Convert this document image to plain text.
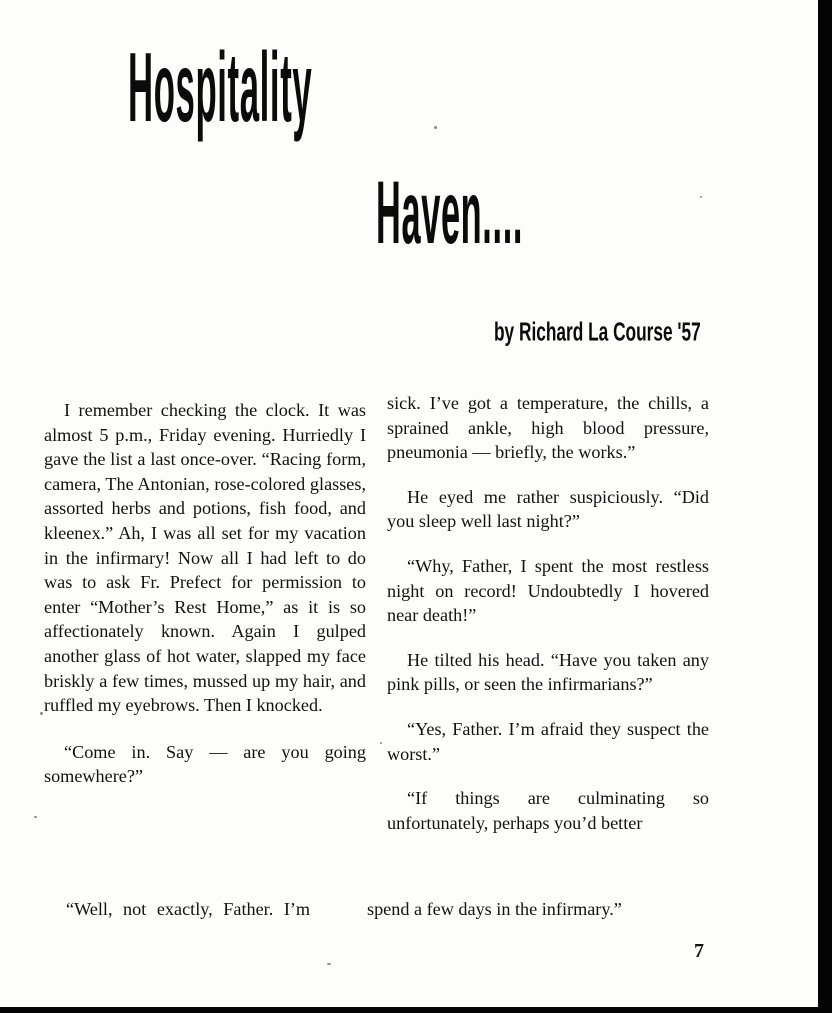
Hospitality
Haven....
by Richard La Course '57

I remember checking the clock. It was almost 5 p.m., Friday evening. Hurriedly I gave the list a last once-over. “Racing form, camera, The Antonian, rose-colored glasses, assorted herbs and potions, fish food, and kleenex.” Ah, I was all set for my vacation in the infirmary! Now all I had left to do was to ask Fr. Prefect for permission to enter “Mother’s Rest Home,” as it is so affectionately known. Again I gulped another glass of hot water, slapped my face briskly a few times, mussed up my hair, and ruffled my eyebrows. Then I knocked.

“Come in. Say — are you going somewhere?”

sick. I’ve got a temperature, the chills, a sprained ankle, high blood pressure, pneumonia — briefly, the works.”

He eyed me rather suspiciously. “Did you sleep well last night?”

“Why, Father, I spent the most restless night on record! Undoubtedly I hovered near death!”

He tilted his head. “Have you taken any pink pills, or seen the infirmarians?”

“Yes, Father. I’m afraid they suspect the worst.”

“If things are culminating so unfortunately, perhaps you’d better

“Well, not exactly, Father. I’m	spend a few days in the infirmary.”
7
